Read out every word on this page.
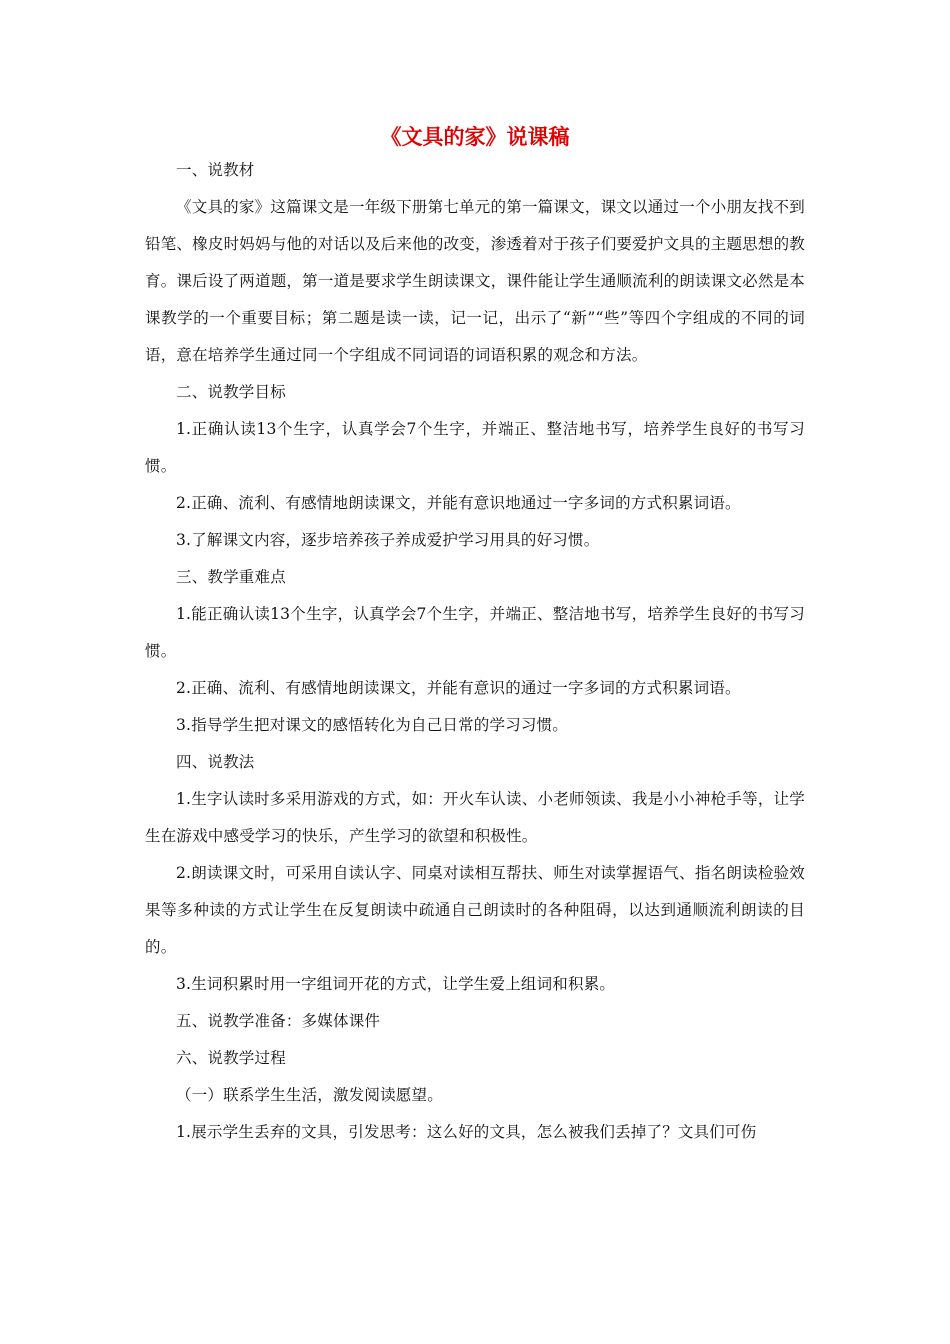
《文具的家》说课稿

一、说教材

《文具的家》这篇课文是一年级下册第七单元的第一篇课文，课文以通过一个小朋友找不到铅笔、橡皮时妈妈与他的对话以及后来他的改变，渗透着对于孩子们要爱护文具的主题思想的教育。课后设了两道题，第一道是要求学生朗读课文，课件能让学生通顺流利的朗读课文必然是本课教学的一个重要目标；第二题是读一读，记一记，出示了“新”“些”等四个字组成的不同的词语，意在培养学生通过同一个字组成不同词语的词语积累的观念和方法。

二、说教学目标

1.正确认读13个生字，认真学会7个生字，并端正、整洁地书写，培养学生良好的书写习惯。

2.正确、流利、有感情地朗读课文，并能有意识地通过一字多词的方式积累词语。

3.了解课文内容，逐步培养孩子养成爱护学习用具的好习惯。

三、教学重难点

1.能正确认读13个生字，认真学会7个生字，并端正、整洁地书写，培养学生良好的书写习惯。

2.正确、流利、有感情地朗读课文，并能有意识的通过一字多词的方式积累词语。

3.指导学生把对课文的感悟转化为自己日常的学习习惯。

四、说教法

1.生字认读时多采用游戏的方式，如：开火车认读、小老师领读、我是小小神枪手等，让学生在游戏中感受学习的快乐，产生学习的欲望和积极性。

2.朗读课文时，可采用自读认字、同桌对读相互帮扶、师生对读掌握语气、指名朗读检验效果等多种读的方式让学生在反复朗读中疏通自己朗读时的各种阻碍，以达到通顺流利朗读的目的。

3.生词积累时用一字组词开花的方式，让学生爱上组词和积累。

五、说教学准备：多媒体课件

六、说教学过程

（一）联系学生生活，激发阅读愿望。

1.展示学生丢弃的文具，引发思考：这么好的文具，怎么被我们丢掉了？文具们可伤
